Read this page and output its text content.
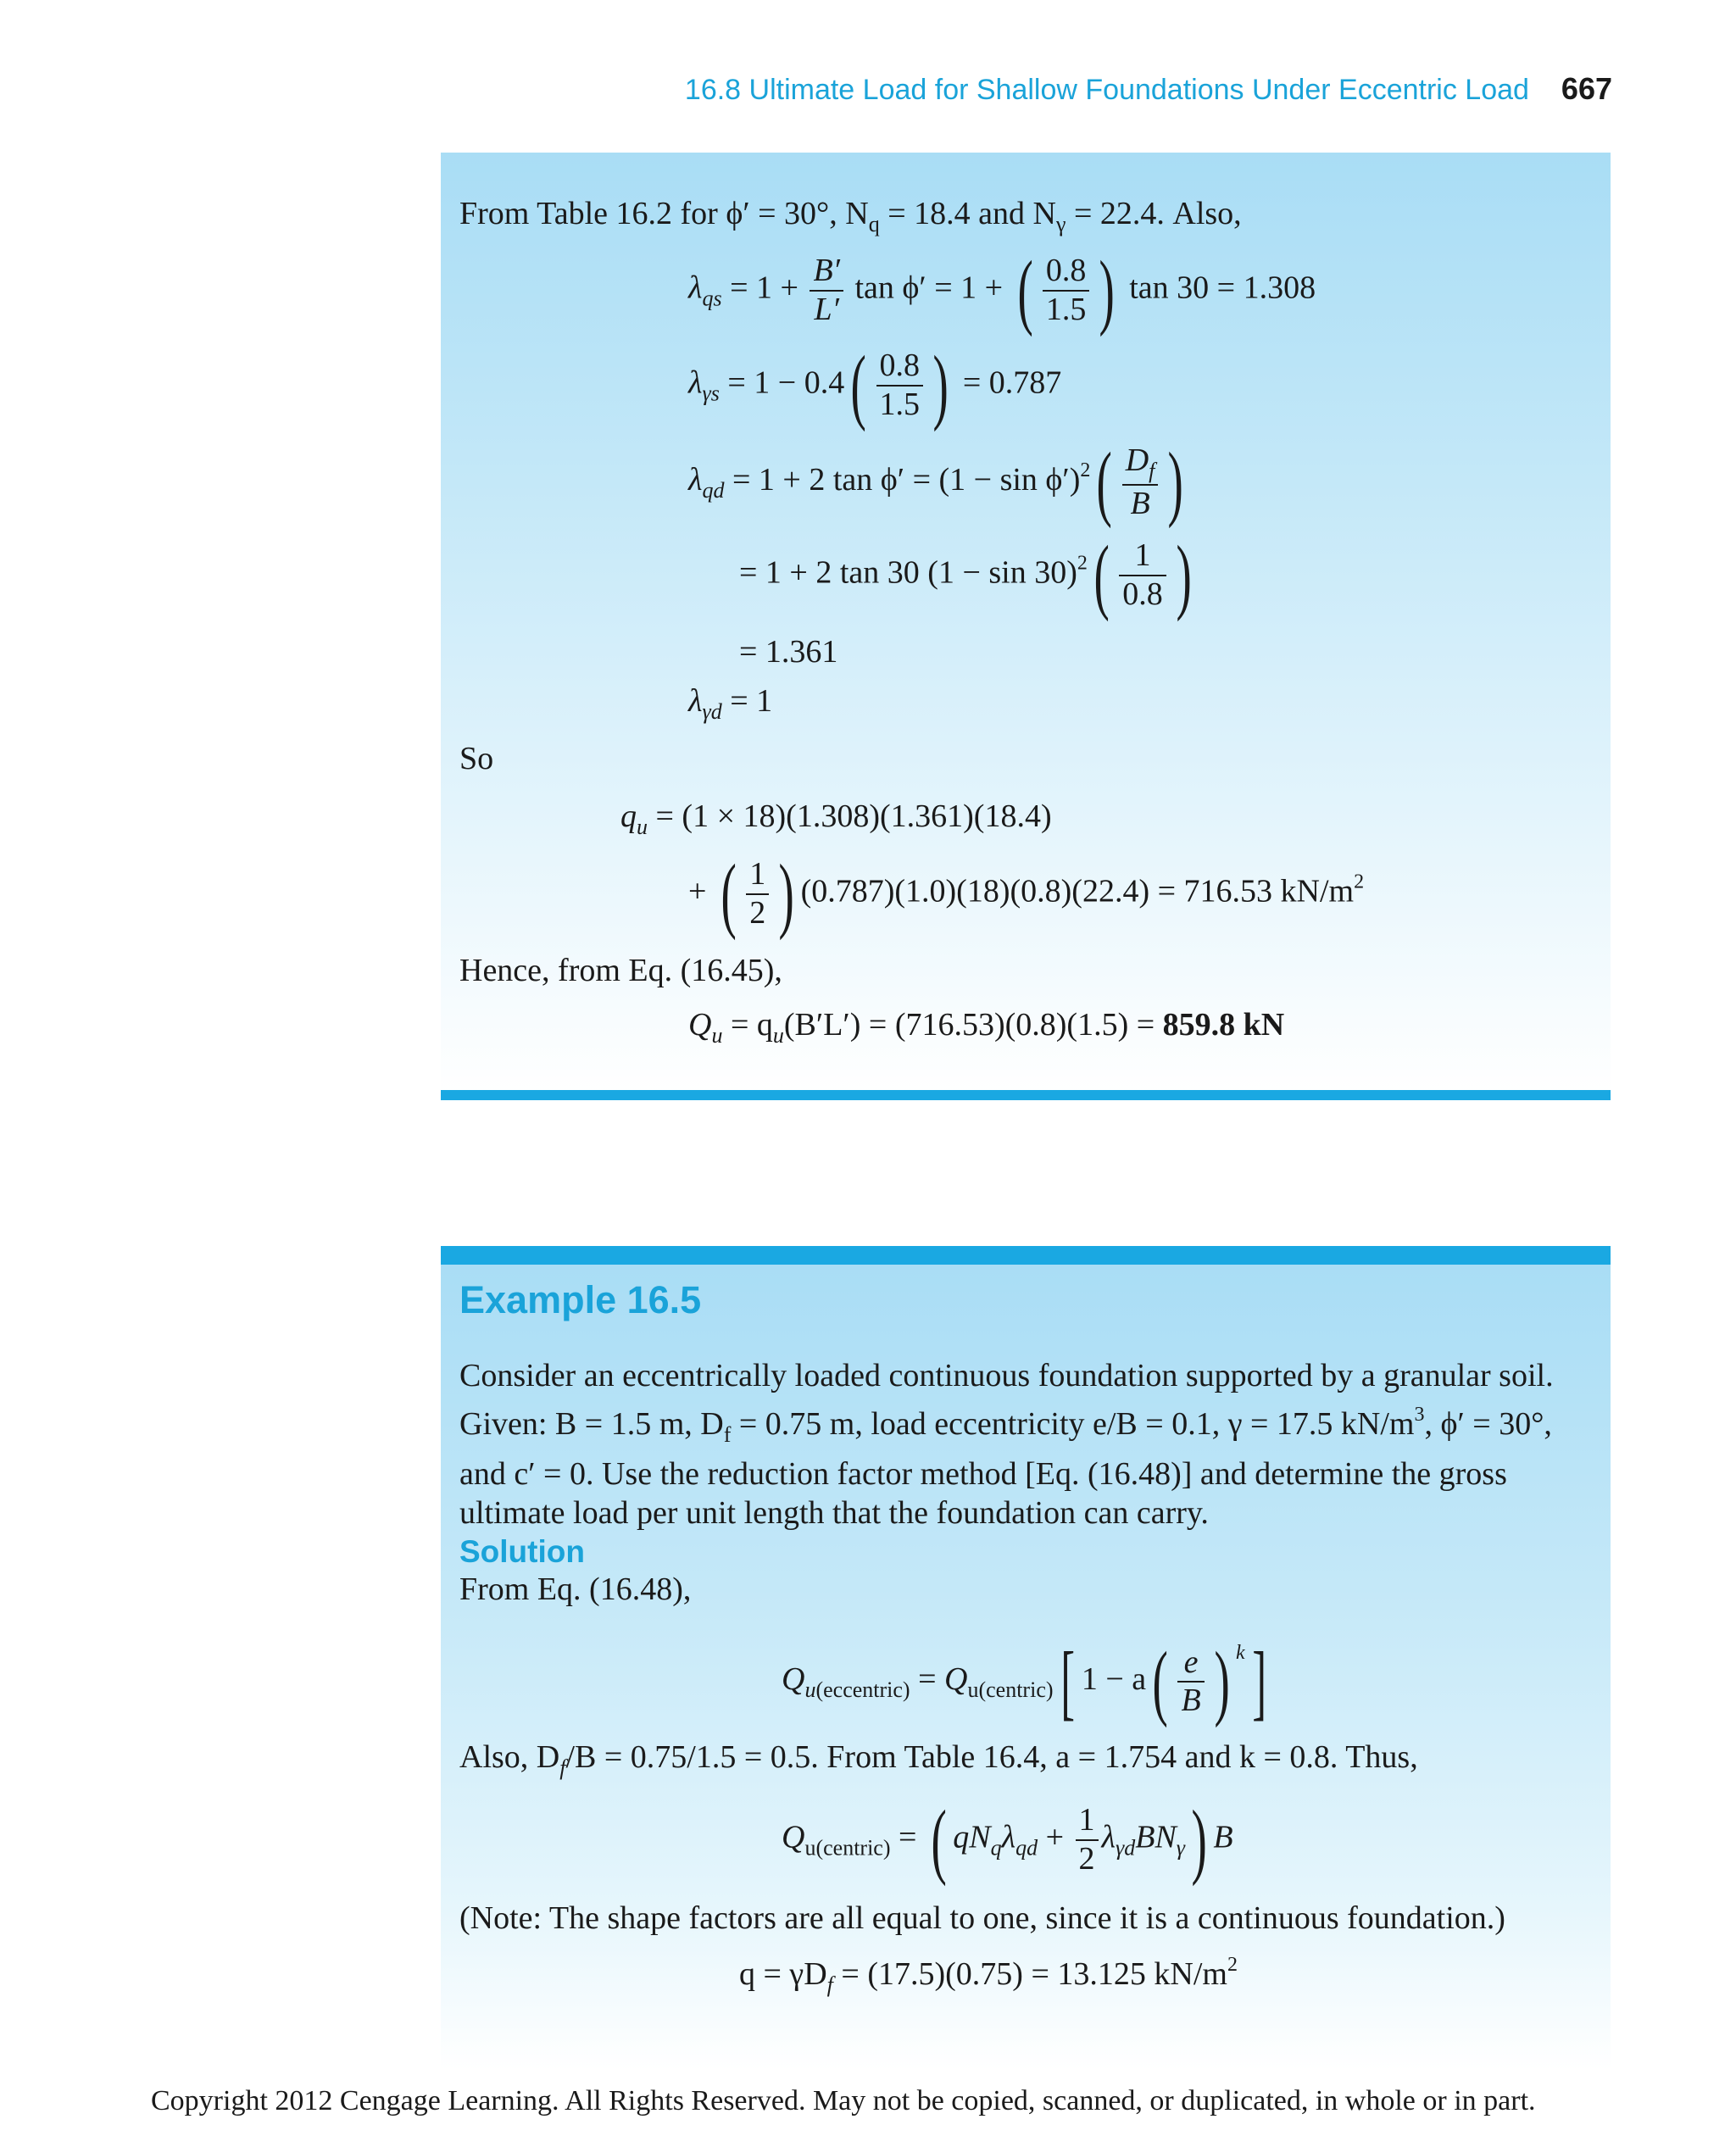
16.8 Ultimate Load for Shallow Foundations Under Eccentric Load 667
From Table 16.2 for ϕ′ = 30°, $N_q = 18.4$ and $N_\gamma = 22.4$. Also,
$\lambda_{qs} = 1 + \frac{B'}{L'}$ tan ϕ′ = 1 + ( $\frac{0.8}{1.5}$ ) tan 30 = 1.308
$\lambda_{\gamma s} = 1 - 0.4( \frac{0.8}{1.5}$ ) = 0.787
$\lambda_{qd} = 1 + 2$ $\tan \phi' = (1 - \sin \phi')^2( \frac{D_f}{B}$ )
= 1 + 2 tan 30 $(1 - \sin 30)^2( \frac{1}{0.8}$ )
= 1.361
$\lambda_{\gamma d} = 1$
So
$q_u = (1 \times 18)(1.308)(1.361)(18.4)$
+ ( $\frac{1}{2}$ ) (0.787)(1.0)(18)(0.8)(22.4) = 716.53 $kN/m^2$
Hence, from Eq. (16.45),
$Q_u = q_u(B'L') = (716.53)(0.8)(1.5) = 859.8$ kN
Example 16.5

Consider an eccentrically loaded continuous foundation supported by a granular soil.

Given: B = 1.5 m, $D_f = 0.75$ m, load eccentricity e/B = 0.1, γ = 17.5 $kN/m^3$, ϕ′ = 30°,

and c′ = 0. Use the reduction factor method [Eq. (16.48)] and determine the gross

ultimate load per unit length that the foundation can carry.

Solution
From Eq. (16.48),
$Q_{u(eccentric)} = Q_{u(centric)}$[ $1 - a( \frac{e}{B}$ ) $^k$]
Also, $D_f/B = 0.75/1.5 = 0.5$. From Table 16.4, a = 1.754 and k = 0.8. Thus,
$Q_{u(centric)}$ = ( $qN_q\lambda_{qd} + \frac{1}{2} \lambda_{\gamma d}BN_\gamma$) B
(Note: The shape factors are all equal to one, since it is a continuous foundation.)
$q = \gamma D_f = (17.5)(0.75) = 13.125$ $kN/m^2$
Copyright 2012 Cengage Learning. All Rights Reserved. May not be copied, scanned, or duplicated, in whole or in part.
